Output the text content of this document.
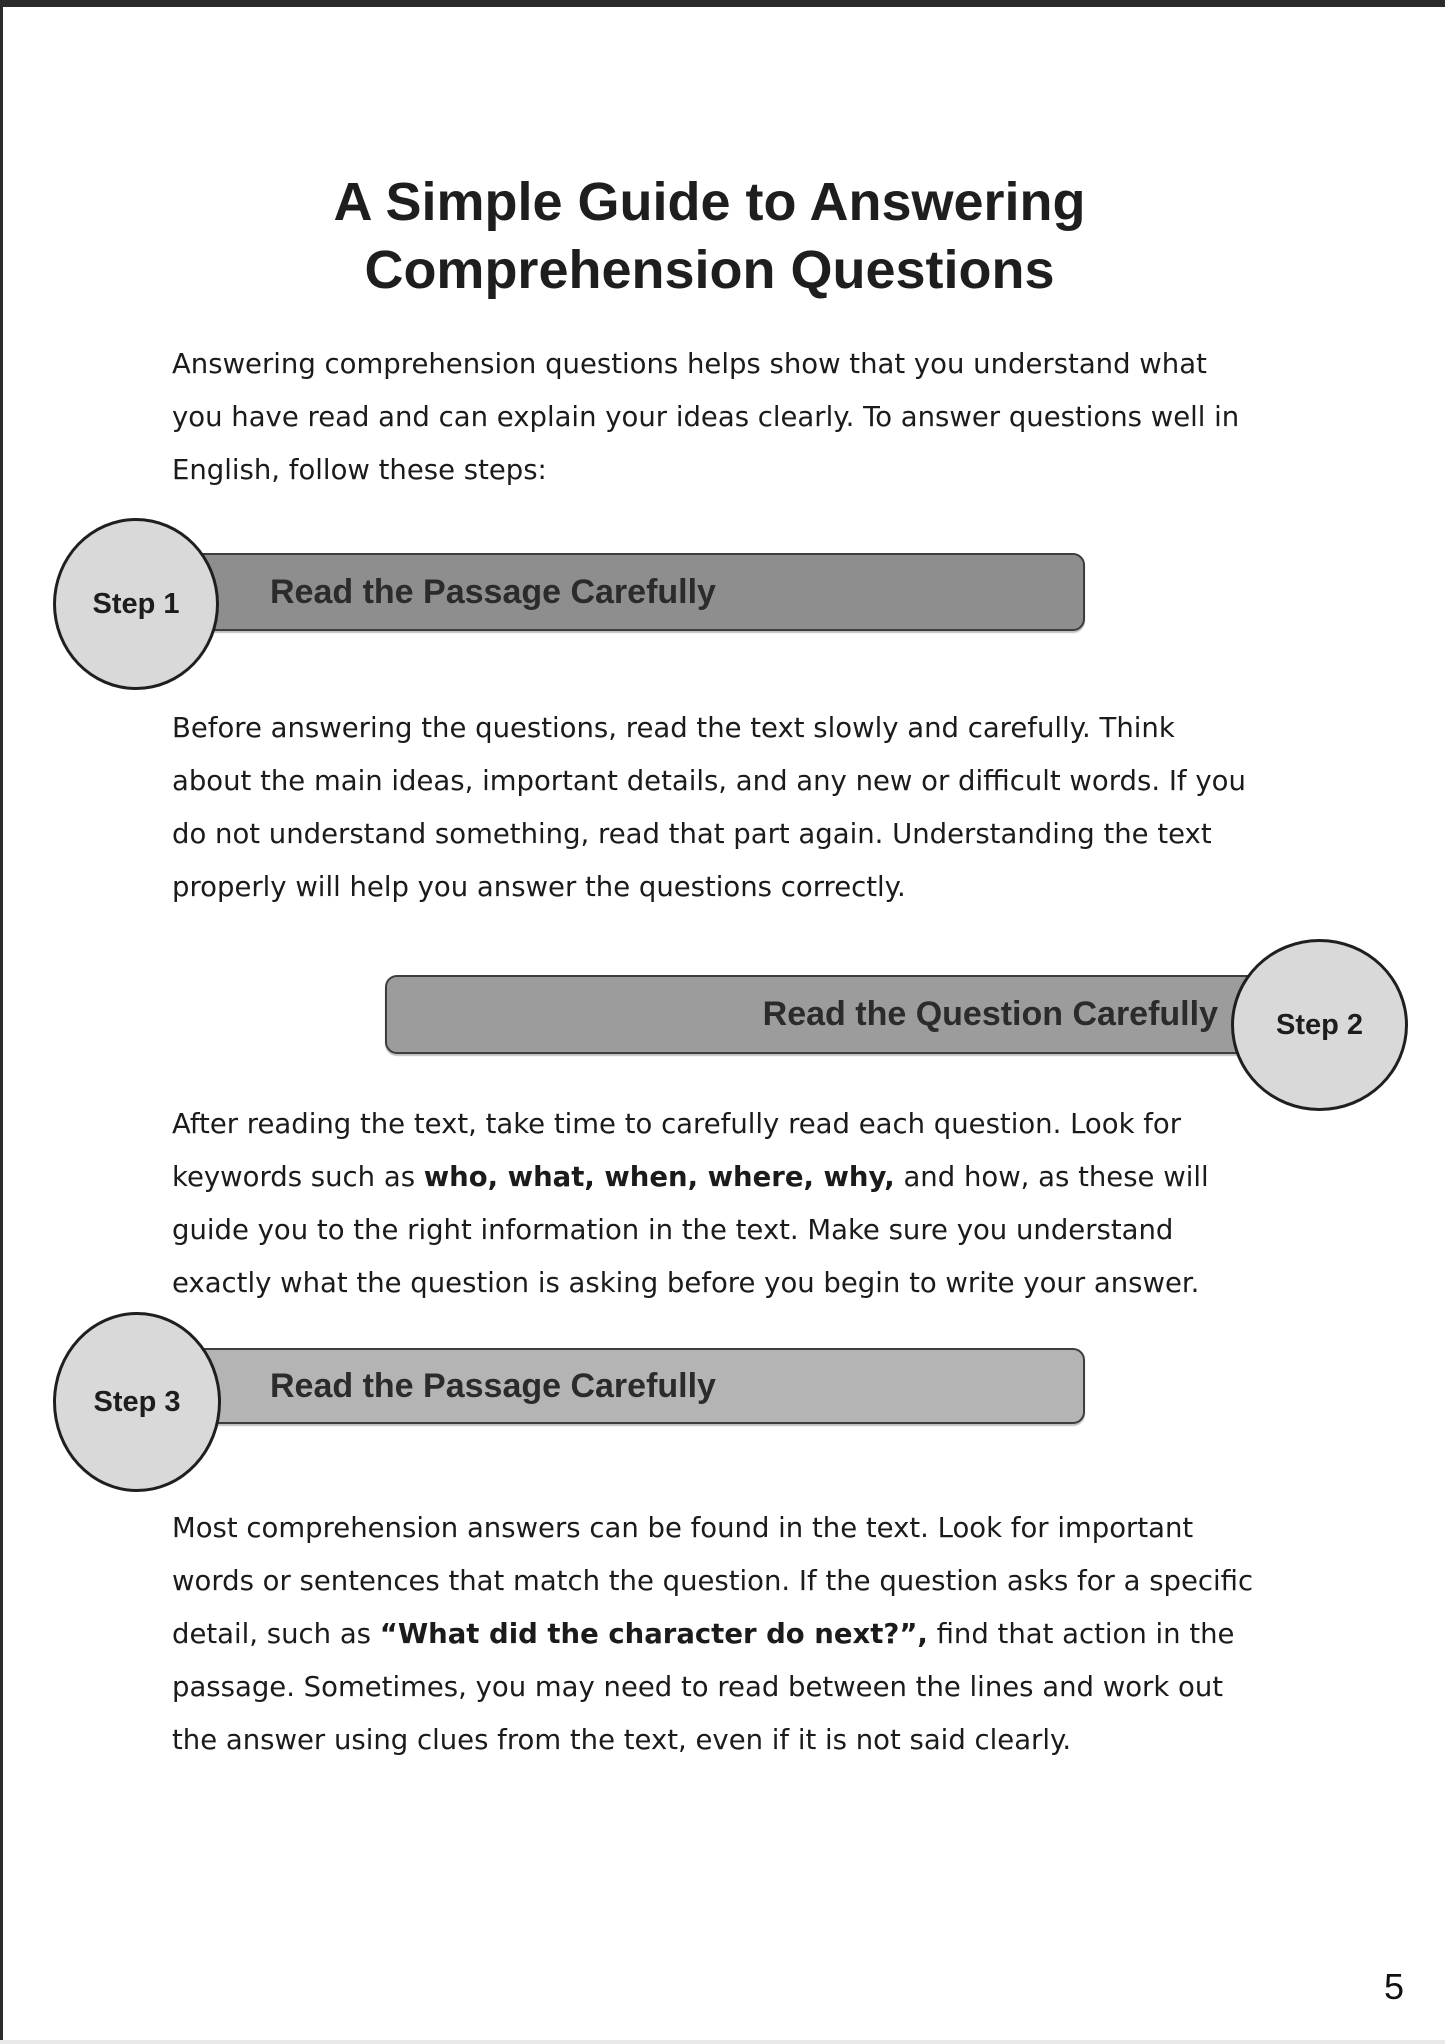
A Simple Guide to Answering
Comprehension Questions
Answering comprehension questions helps show that you understand what you have read and can explain your ideas clearly. To answer questions well in English, follow these steps:
Read the Passage Carefully
Step 1
Before answering the questions, read the text slowly and carefully. Think about the main ideas, important details, and any new or difficult words. If you do not understand something, read that part again. Understanding the text properly will help you answer the questions correctly.
Read the Question Carefully Step 2
After reading the text, take time to carefully read each question. Look for keywords such as who, what, when, where, why, and how, as these will guide you to the right information in the text. Make sure you understand exactly what the question is asking before you begin to write your answer.
Read the Passage Carefully
Step 3
Most comprehension answers can be found in the text. Look for important words or sentences that match the question. If the question asks for a specific detail, such as “What did the character do next?”, find that action in the passage. Sometimes, you may need to read between the lines and work out the answer using clues from the text, even if it is not said clearly.
5
